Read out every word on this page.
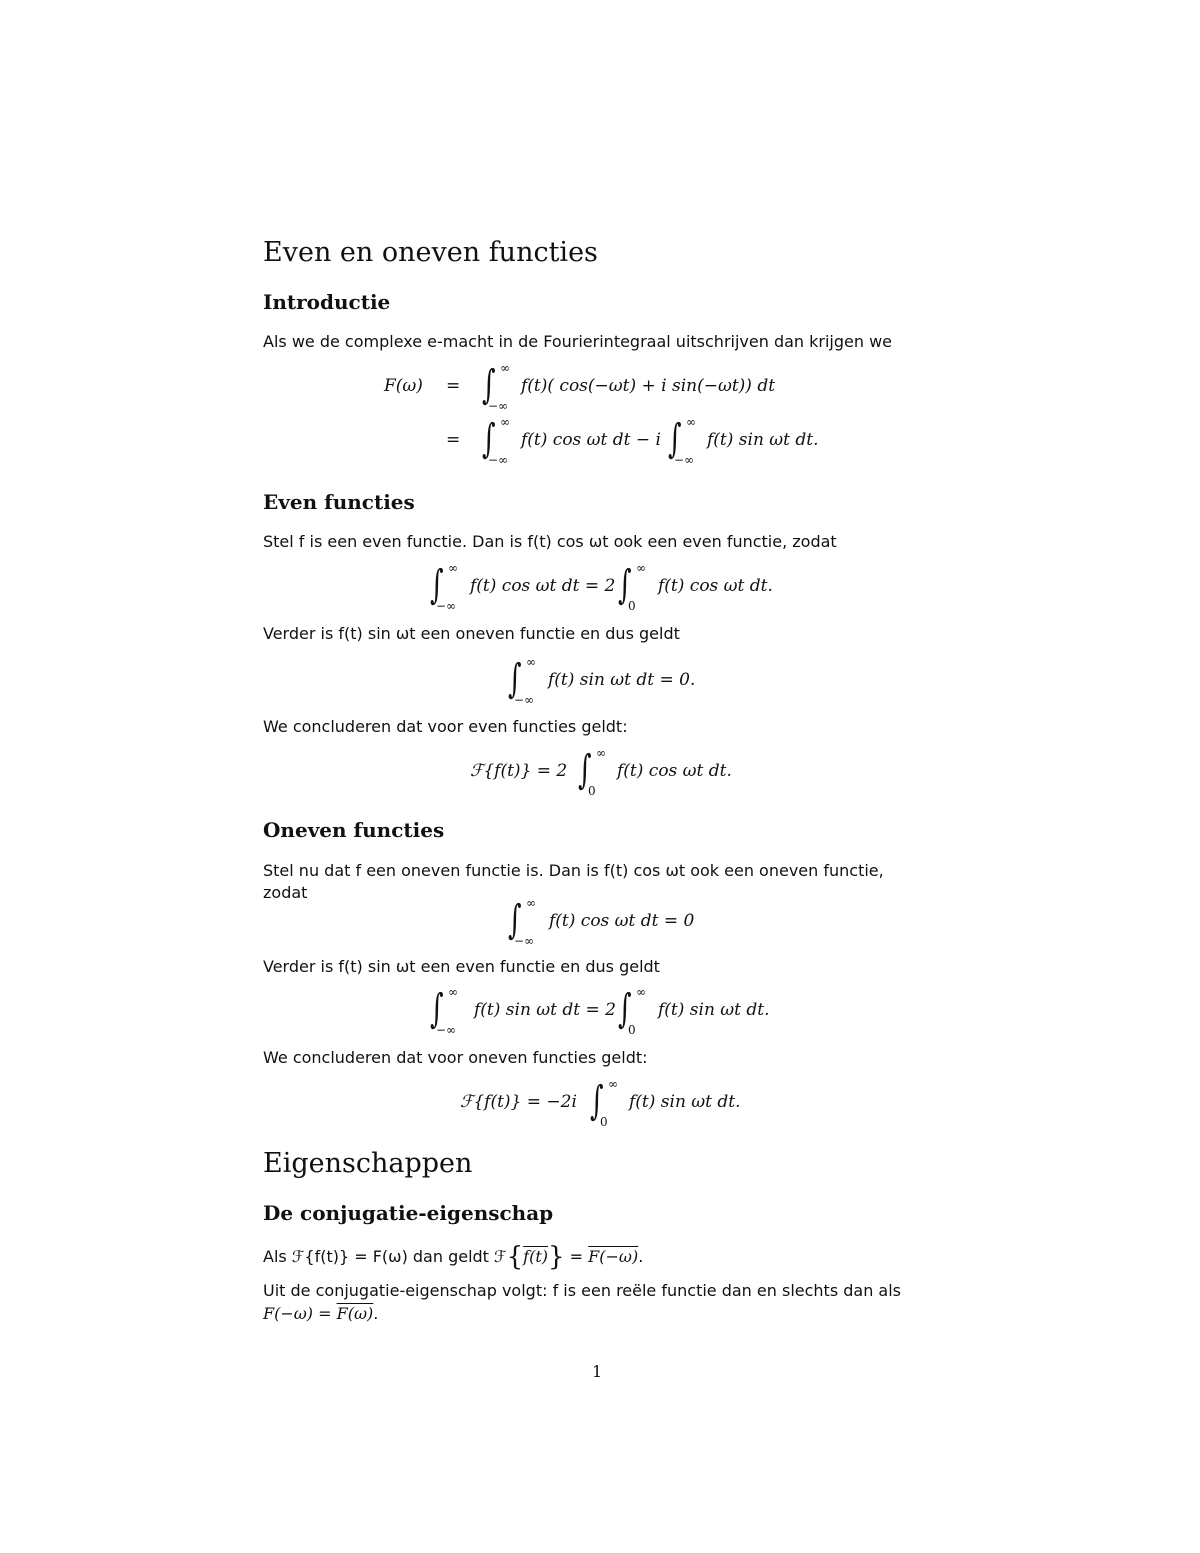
Even en oneven functies
Introductie
Als we de complexe e-macht in de Fourierintegraal uitschrijven dan krijgen we
F(ω) = ∫ ∞
−∞
f(t)( cos(−ωt) + i sin(−ωt)) dt
= ∫ ∞
−∞
f(t) cos ωt dt − i ∫ ∞
−∞
f(t) sin ωt dt.
Even functies
Stel f is een even functie. Dan is f(t) cos ωt ook een even functie, zodat
∫ ∞
−∞
f(t) cos ωt dt = 2 ∫ ∞
0
f(t) cos ωt dt.
Verder is f(t) sin ωt een oneven functie en dus geldt
∫ ∞
−∞
f(t) sin ωt dt = 0.
We concluderen dat voor even functies geldt:
ℱ{f(t)} = 2 ∫ ∞
0
f(t) cos ωt dt.
Oneven functies
Stel nu dat f een oneven functie is. Dan is f(t) cos ωt ook een oneven functie,
zodat
∫ ∞
−∞
f(t) cos ωt dt = 0
Verder is f(t) sin ωt een even functie en dus geldt
∫ ∞
−∞
f(t) sin ωt dt = 2 ∫ ∞
0
f(t) sin ωt dt.
We concluderen dat voor oneven functies geldt:
ℱ{f(t)} = −2i ∫ ∞
0
f(t) sin ωt dt.
Eigenschappen
De conjugatie-eigenschap
Als ℱ{f(t)} = F(ω) dan geldt ℱ{f(t)} = F(−ω).
Uit de conjugatie-eigenschap volgt: f is een reële functie dan en slechts dan als
F(−ω) = F(ω).
1
